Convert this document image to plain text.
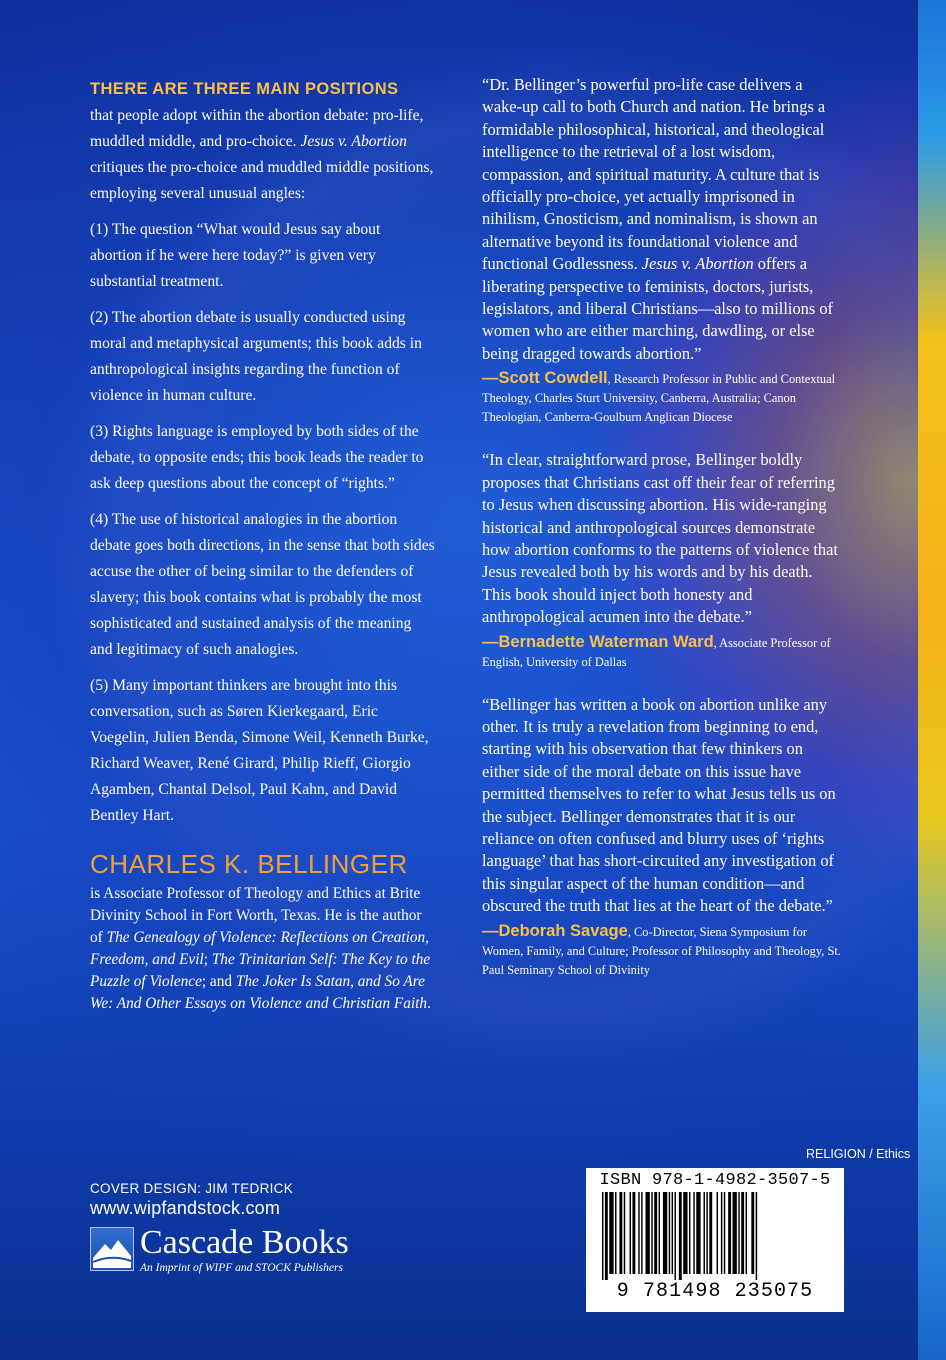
THERE ARE THREE MAIN POSITIONS
that people adopt within the abortion debate: pro-life, muddled middle, and pro-choice. Jesus v. Abortion critiques the pro-choice and muddled middle positions, employing several unusual angles:

(1) The question “What would Jesus say about abortion if he were here today?” is given very substantial treatment.

(2) The abortion debate is usually conducted using moral and metaphysical arguments; this book adds in anthropological insights regarding the function of violence in human culture.

(3) Rights language is employed by both sides of the debate, to opposite ends; this book leads the reader to ask deep questions about the concept of “rights.”

(4) The use of historical analogies in the abortion debate goes both directions, in the sense that both sides accuse the other of being similar to the defenders of slavery; this book contains what is probably the most sophisticated and sustained analysis of the meaning and legitimacy of such analogies.

(5) Many important thinkers are brought into this conversation, such as Søren Kierkegaard, Eric Voegelin, Julien Benda, Simone Weil, Kenneth Burke, Richard Weaver, René Girard, Philip Rieff, Giorgio Agamben, Chantal Delsol, Paul Kahn, and David Bentley Hart.

CHARLES K. BELLINGER
is Associate Professor of Theology and Ethics at Brite Divinity School in Fort Worth, Texas. He is the author of The Genealogy of Violence: Reflections on Creation, Freedom, and Evil; The Trinitarian Self: The Key to the Puzzle of Violence; and The Joker Is Satan, and So Are We: And Other Essays on Violence and Christian Faith.
COVER DESIGN: JIM TEDRICK
www.wipfandstock.com
Cascade Books
An Imprint of WIPF and STOCK Publishers

“Dr. Bellinger’s powerful pro-life case delivers a wake-up call to both Church and nation. He brings a formidable philosophical, historical, and theological intelligence to the retrieval of a lost wisdom, compassion, and spiritual maturity. A culture that is officially pro-choice, yet actually imprisoned in nihilism, Gnosticism, and nominalism, is shown an alternative beyond its foundational violence and functional Godlessness. Jesus v. Abortion offers a liberating perspective to feminists, doctors, jurists, legislators, and liberal Christians—also to millions of women who are either marching, dawdling, or else being dragged towards abortion.”

—Scott Cowdell, Research Professor in Public and Contextual Theology, Charles Sturt University, Canberra, Australia; Canon Theologian, Canberra-Goulburn Anglican Diocese

“In clear, straightforward prose, Bellinger boldly proposes that Christians cast off their fear of referring to Jesus when discussing abortion. His wide-ranging historical and anthropological sources demonstrate how abortion conforms to the patterns of violence that Jesus revealed both by his words and by his death. This book should inject both honesty and anthropological acumen into the debate.”

—Bernadette Waterman Ward, Associate Professor of English, University of Dallas

“Bellinger has written a book on abortion unlike any other. It is truly a revelation from beginning to end, starting with his observation that few thinkers on either side of the moral debate on this issue have permitted themselves to refer to what Jesus tells us on the subject. Bellinger demonstrates that it is our reliance on often confused and blurry uses of ‘rights language’ that has short-circuited any investigation of this singular aspect of the human condition—and obscured the truth that lies at the heart of the debate.”

—Deborah Savage, Co-Director, Siena Symposium for Women, Family, and Culture; Professor of Philosophy and Theology, St. Paul Seminary School of Divinity
RELIGION / Ethics
ISBN 978-1-4982-3507-5
9 781498 235075
